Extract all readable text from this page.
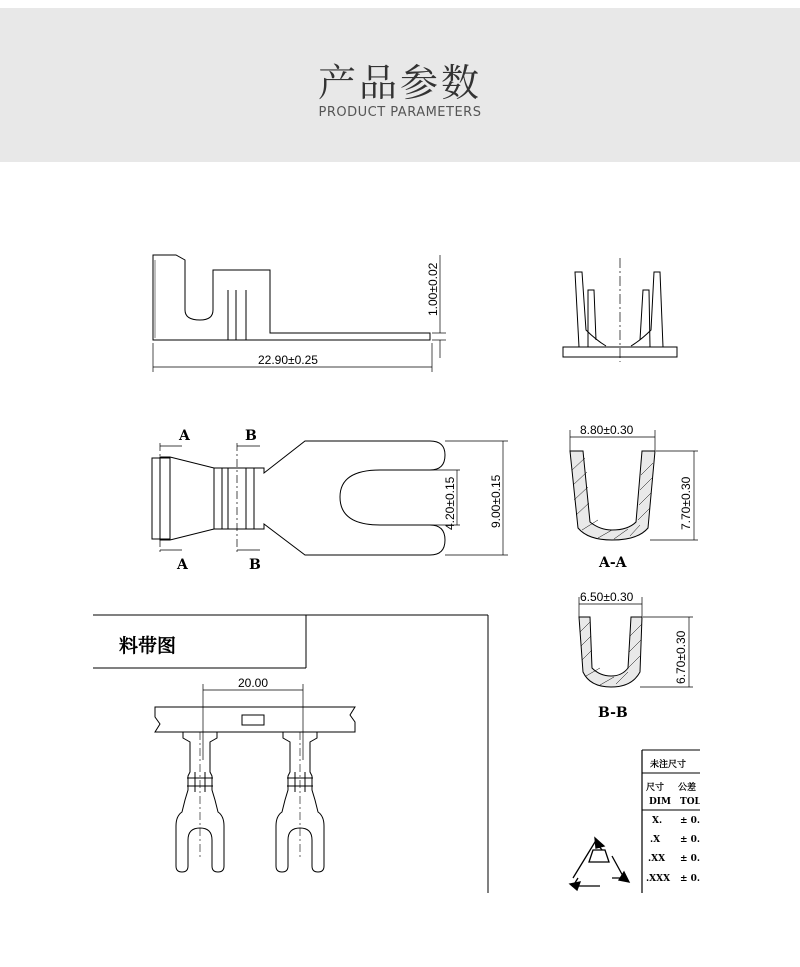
产品参数
PRODUCT PARAMETERS
22.90±0.25
1.00±0.02
4.20±0.15	9.00±0.15
8.80±0.30
7.70±0.30
6.50±0.30
6.70±0.30
20.00
A
A
B
B	A-A
B-B
料带图
未注尺寸
尺寸 公差
DIM TOL
X. ± 0.
.X ± 0.
.XX ± 0.
.XXX ± 0.
